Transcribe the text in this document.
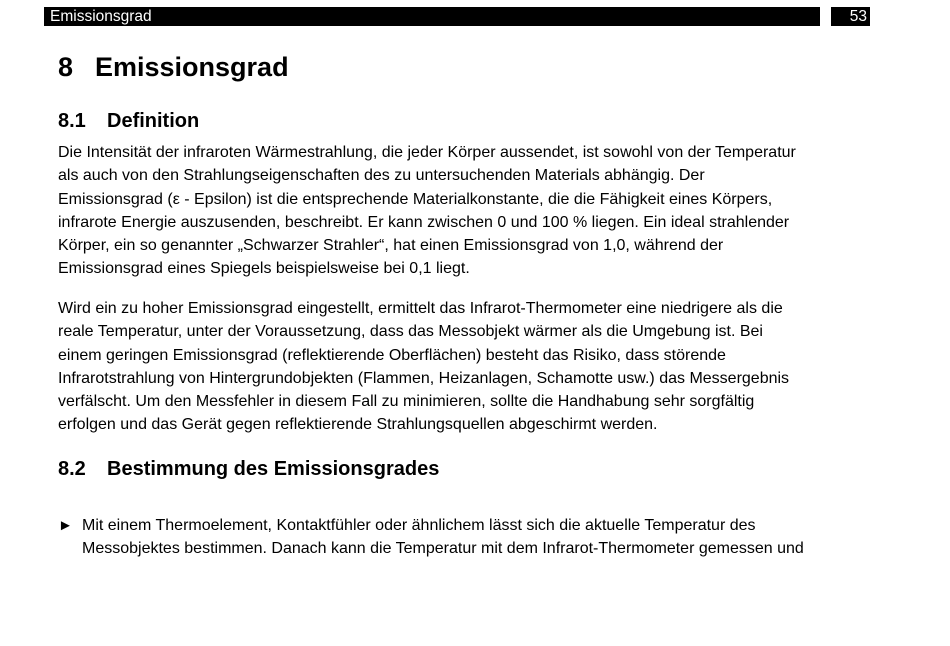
Emissionsgrad	53
8 Emissionsgrad
8.1 Definition
Die Intensität der infraroten Wärmestrahlung, die jeder Körper aussendet, ist sowohl von der Temperatur
als auch von den Strahlungseigenschaften des zu untersuchenden Materials abhängig. Der
Emissionsgrad (ε - Epsilon) ist die entsprechende Materialkonstante, die die Fähigkeit eines Körpers,
infrarote Energie auszusenden, beschreibt. Er kann zwischen 0 und 100 % liegen. Ein ideal strahlender
Körper, ein so genannter „Schwarzer Strahler“, hat einen Emissionsgrad von 1,0, während der
Emissionsgrad eines Spiegels beispielsweise bei 0,1 liegt.
Wird ein zu hoher Emissionsgrad eingestellt, ermittelt das Infrarot-Thermometer eine niedrigere als die
reale Temperatur, unter der Voraussetzung, dass das Messobjekt wärmer als die Umgebung ist. Bei
einem geringen Emissionsgrad (reflektierende Oberflächen) besteht das Risiko, dass störende
Infrarotstrahlung von Hintergrundobjekten (Flammen, Heizanlagen, Schamotte usw.) das Messergebnis
verfälscht. Um den Messfehler in diesem Fall zu minimieren, sollte die Handhabung sehr sorgfältig
erfolgen und das Gerät gegen reflektierende Strahlungsquellen abgeschirmt werden.
8.2 Bestimmung des Emissionsgrades
► Mit einem Thermoelement, Kontaktfühler oder ähnlichem lässt sich die aktuelle Temperatur des
Messobjektes bestimmen. Danach kann die Temperatur mit dem Infrarot-Thermometer gemessen und
